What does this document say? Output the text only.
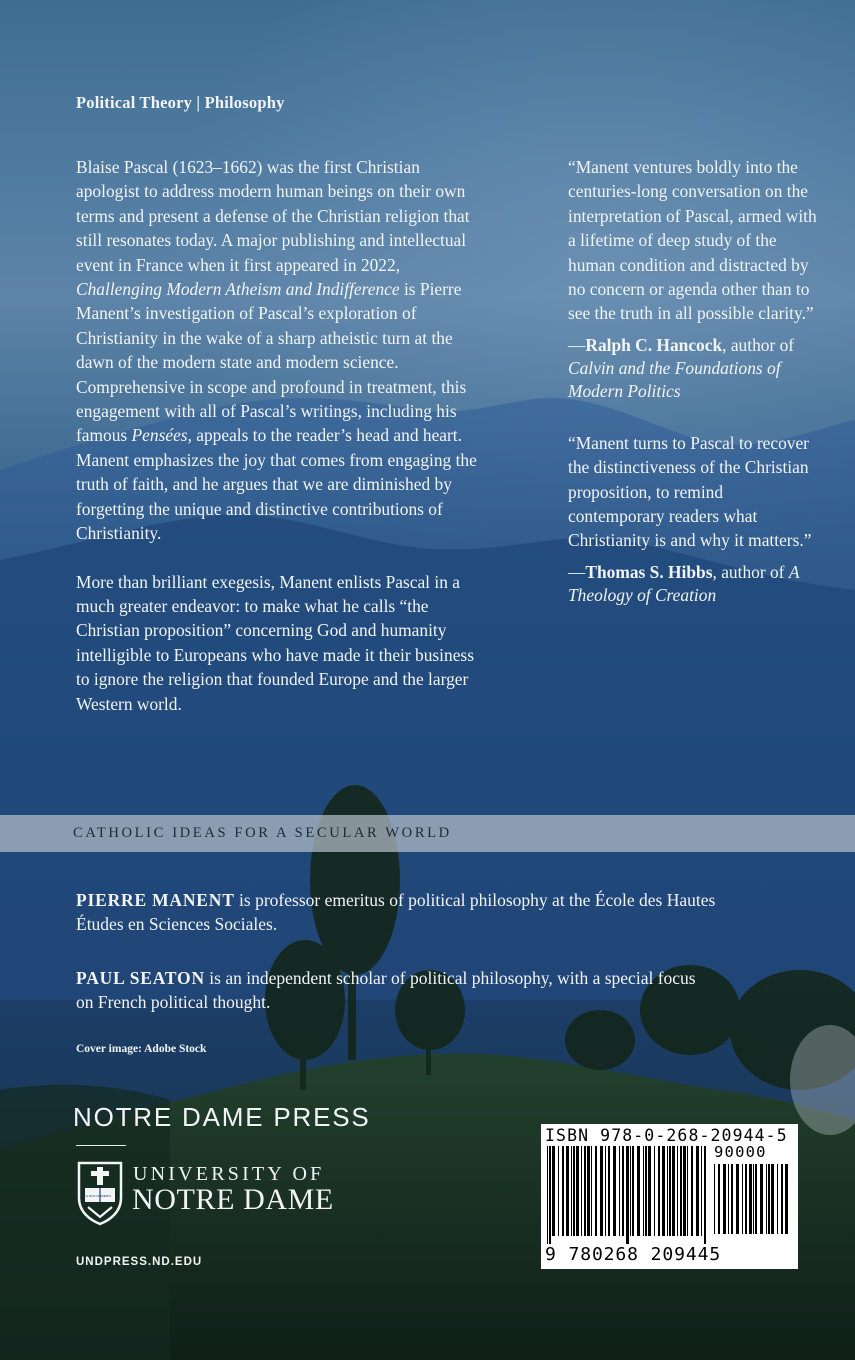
Political Theory | Philosophy

Blaise Pascal (1623–1662) was the first Christian apologist to address modern human beings on their own terms and present a defense of the Christian religion that still resonates today. A major publishing and intellectual event in France when it first appeared in 2022, Challenging Modern Atheism and Indifference is Pierre Manent’s investigation of Pascal’s exploration of Christianity in the wake of a sharp atheistic turn at the dawn of the modern state and modern science. Comprehensive in scope and profound in treatment, this engagement with all of Pascal’s writings, including his famous Pensées, appeals to the reader’s head and heart. Manent emphasizes the joy that comes from engaging the truth of faith, and he argues that we are diminished by forgetting the unique and distinctive contributions of Christianity.

More than brilliant exegesis, Manent enlists Pascal in a much greater endeavor: to make what he calls “the Christian proposition” concerning God and humanity intelligible to Europeans who have made it their business to ignore the religion that founded Europe and the larger Western world.

“Manent ventures boldly into the centuries-long conversation on the interpretation of Pascal, armed with a lifetime of deep study of the human condition and distracted by no concern or agenda other than to see the truth in all possible clarity.”

—Ralph C. Hancock, author of Calvin and the Foundations of Modern Politics

“Manent turns to Pascal to recover the distinctiveness of the Christian proposition, to remind contemporary readers what Christianity is and why it matters.”

—Thomas S. Hibbs, author of A Theology of Creation
CATHOLIC IDEAS FOR A SECULAR WORLD
PIERRE MANENT is professor emeritus of political philosophy at the École des Hautes Études en Sciences Sociales.
PAUL SEATON is an independent scholar of political philosophy, with a special focus on French political thought.
Cover image: Adobe Stock
NOTRE DAME PRESS
VITA DULCEDO
SPES
UNIVERSITY OF
NOTRE DAME
UNDPRESS.ND.EDU
ISBN 978-0-268-20944-5
90000
9 780268 209445
